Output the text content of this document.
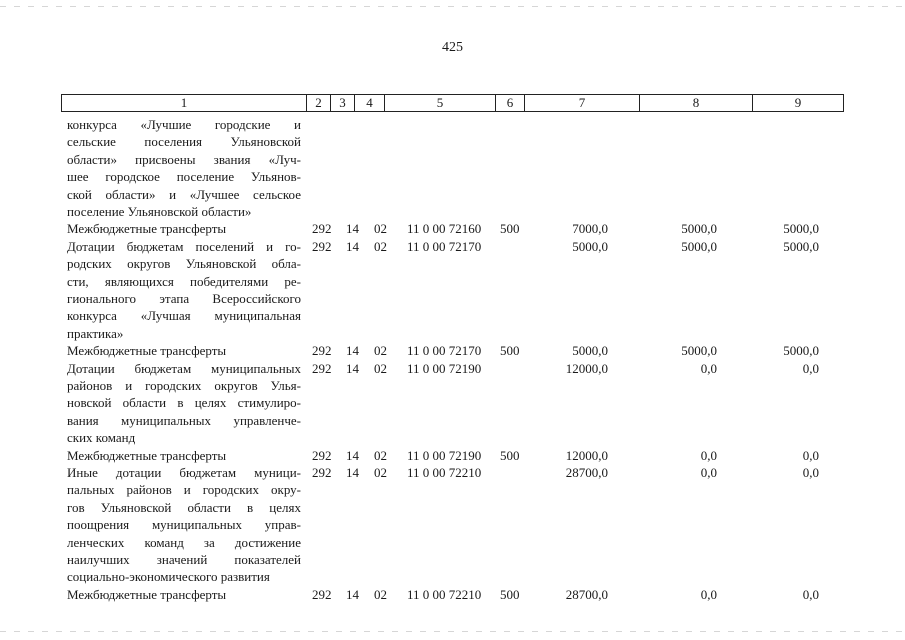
425
1	2	3	4	5	6	7	8	9
конкурса «Лучшие городские и
сельские поселения Ульяновской
области» присвоены звания «Луч-
шее городское поселение Ульянов-
ской области» и «Лучшее сельское
поселение Ульяновской области»
Межбюджетные трансферты	292 14 02 11 0 00 72160 500	7000,0	5000,0	5000,0
Дотации бюджетам поселений и го-
родских округов Ульяновской обла-
сти, являющихся победителями ре-
гионального этапа Всероссийского
конкурса «Лучшая муниципальная
практика»
292 14 02 11 0 00 72170	5000,0	5000,0	5000,0
Межбюджетные трансферты	292 14 02 11 0 00 72170 500	5000,0	5000,0	5000,0
Дотации бюджетам муниципальных
районов и городских округов Улья-
новской области в целях стимулиро-
вания муниципальных управленче-
ских команд
292 14 02 11 0 00 72190	12000,0	0,0	0,0
Межбюджетные трансферты	292 14 02 11 0 00 72190 500	12000,0	0,0	0,0
Иные дотации бюджетам муници-
пальных районов и городских окру-
гов Ульяновской области в целях
поощрения муниципальных управ-
ленческих команд за достижение
наилучших значений показателей
социально-экономического развития
292 14 02 11 0 00 72210	28700,0	0,0	0,0
Межбюджетные трансферты	292 14 02 11 0 00 72210 500	28700,0	0,0	0,0
